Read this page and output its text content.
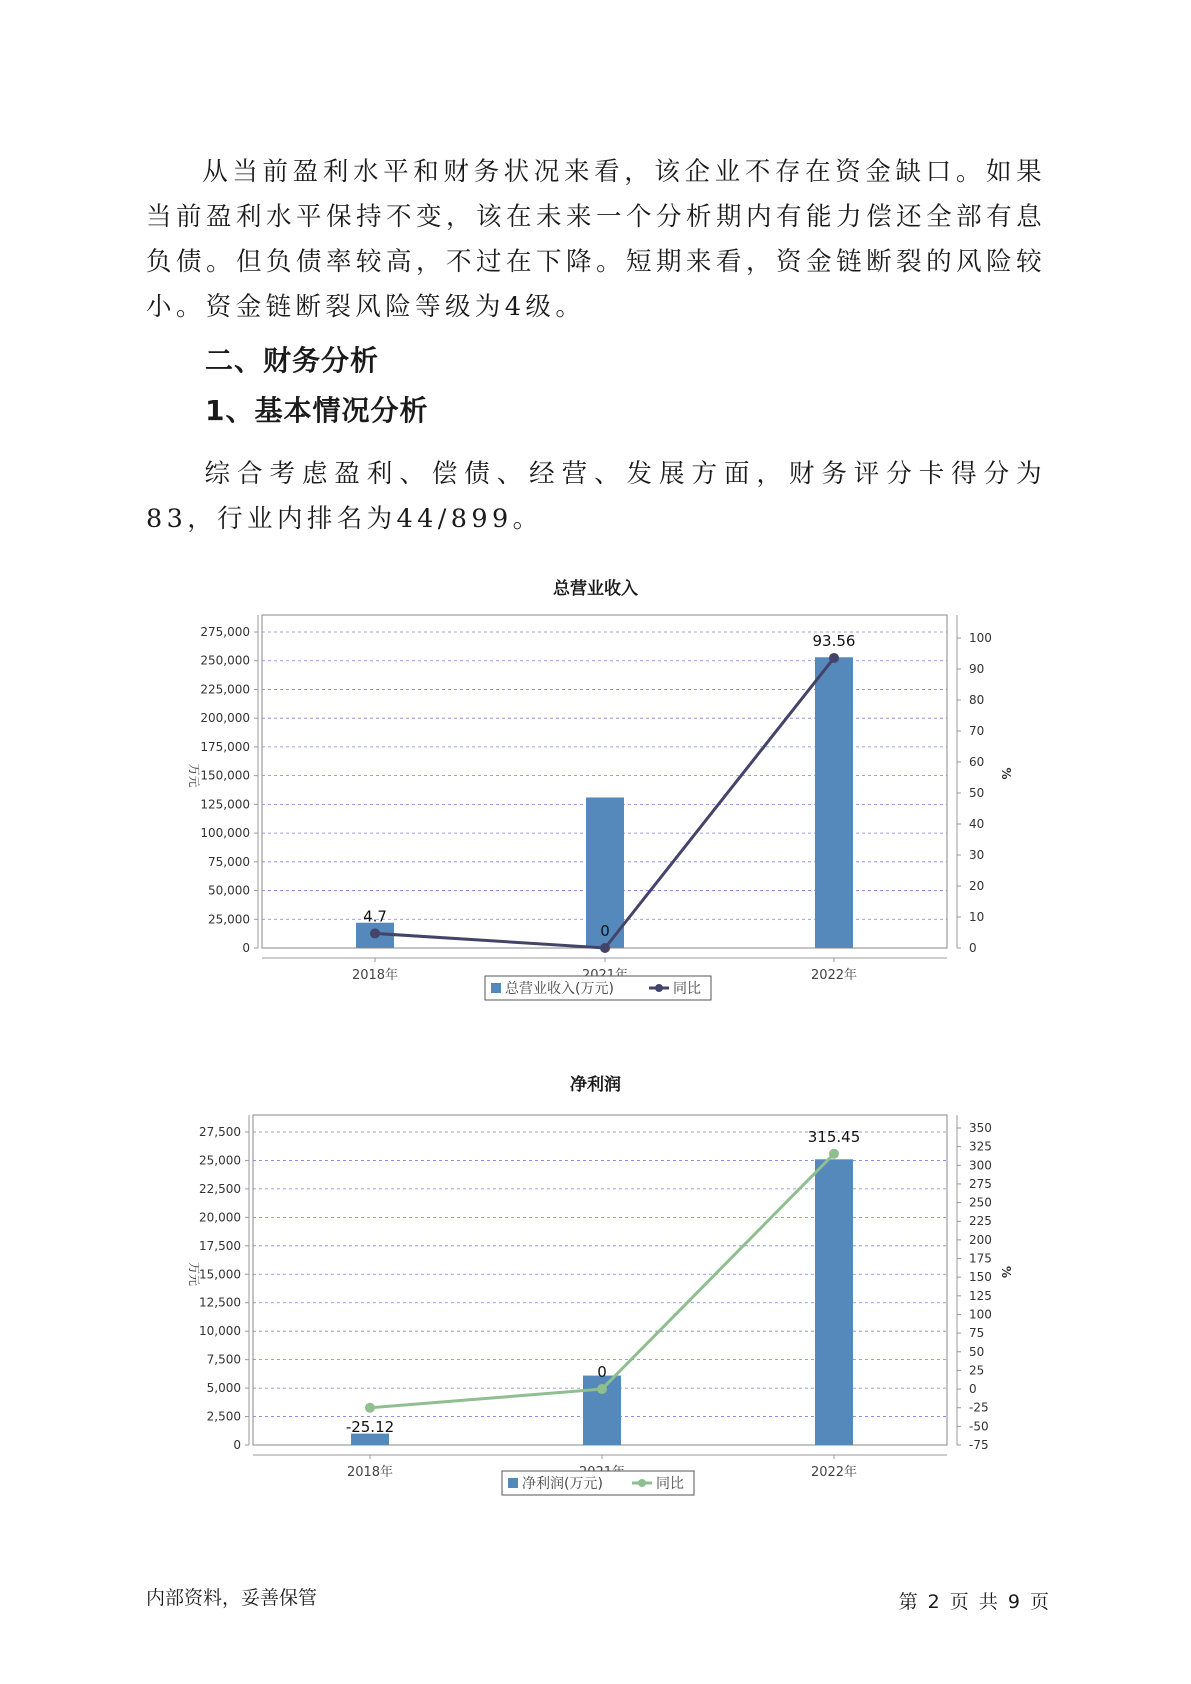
从当前盈利水平和财务状况来看，该企业不存在资金缺口。如果当前盈利水平保持不变，该在未来一个分析期内有能力偿还全部有息负债。但负债率较高，不过在下降。短期来看，资金链断裂的风险较小。资金链断裂风险等级为4级。

二、财务分析
1、基本情况分析

综合考虑盈利、偿债、经营、发展方面，财务评分卡得分为83，行业内排名为44/899。

总营业收入
0
25,000
50,000
75,000
100,000
125,000
150,000
175,000
200,000
225,000
250,000
275,000
0
10
20
30
40
50
60
70
80
90
100
万元	%
2018年	2022年
4.7
0
93.56
总营业收入(万元)	同比
净利润
0
2,500
5,000
7,500
10,000
12,500
15,000
17,500
20,000
22,500
25,000
27,500
-75
-50
-25
0
25
50
75
100
125
150
175
200
225
250
275
300
325
350
万元	%
2018年	2022年
-25.12
0
315.45
净利润(万元)	同比
内部资料，妥善保管	第 2 页 共 9 页
